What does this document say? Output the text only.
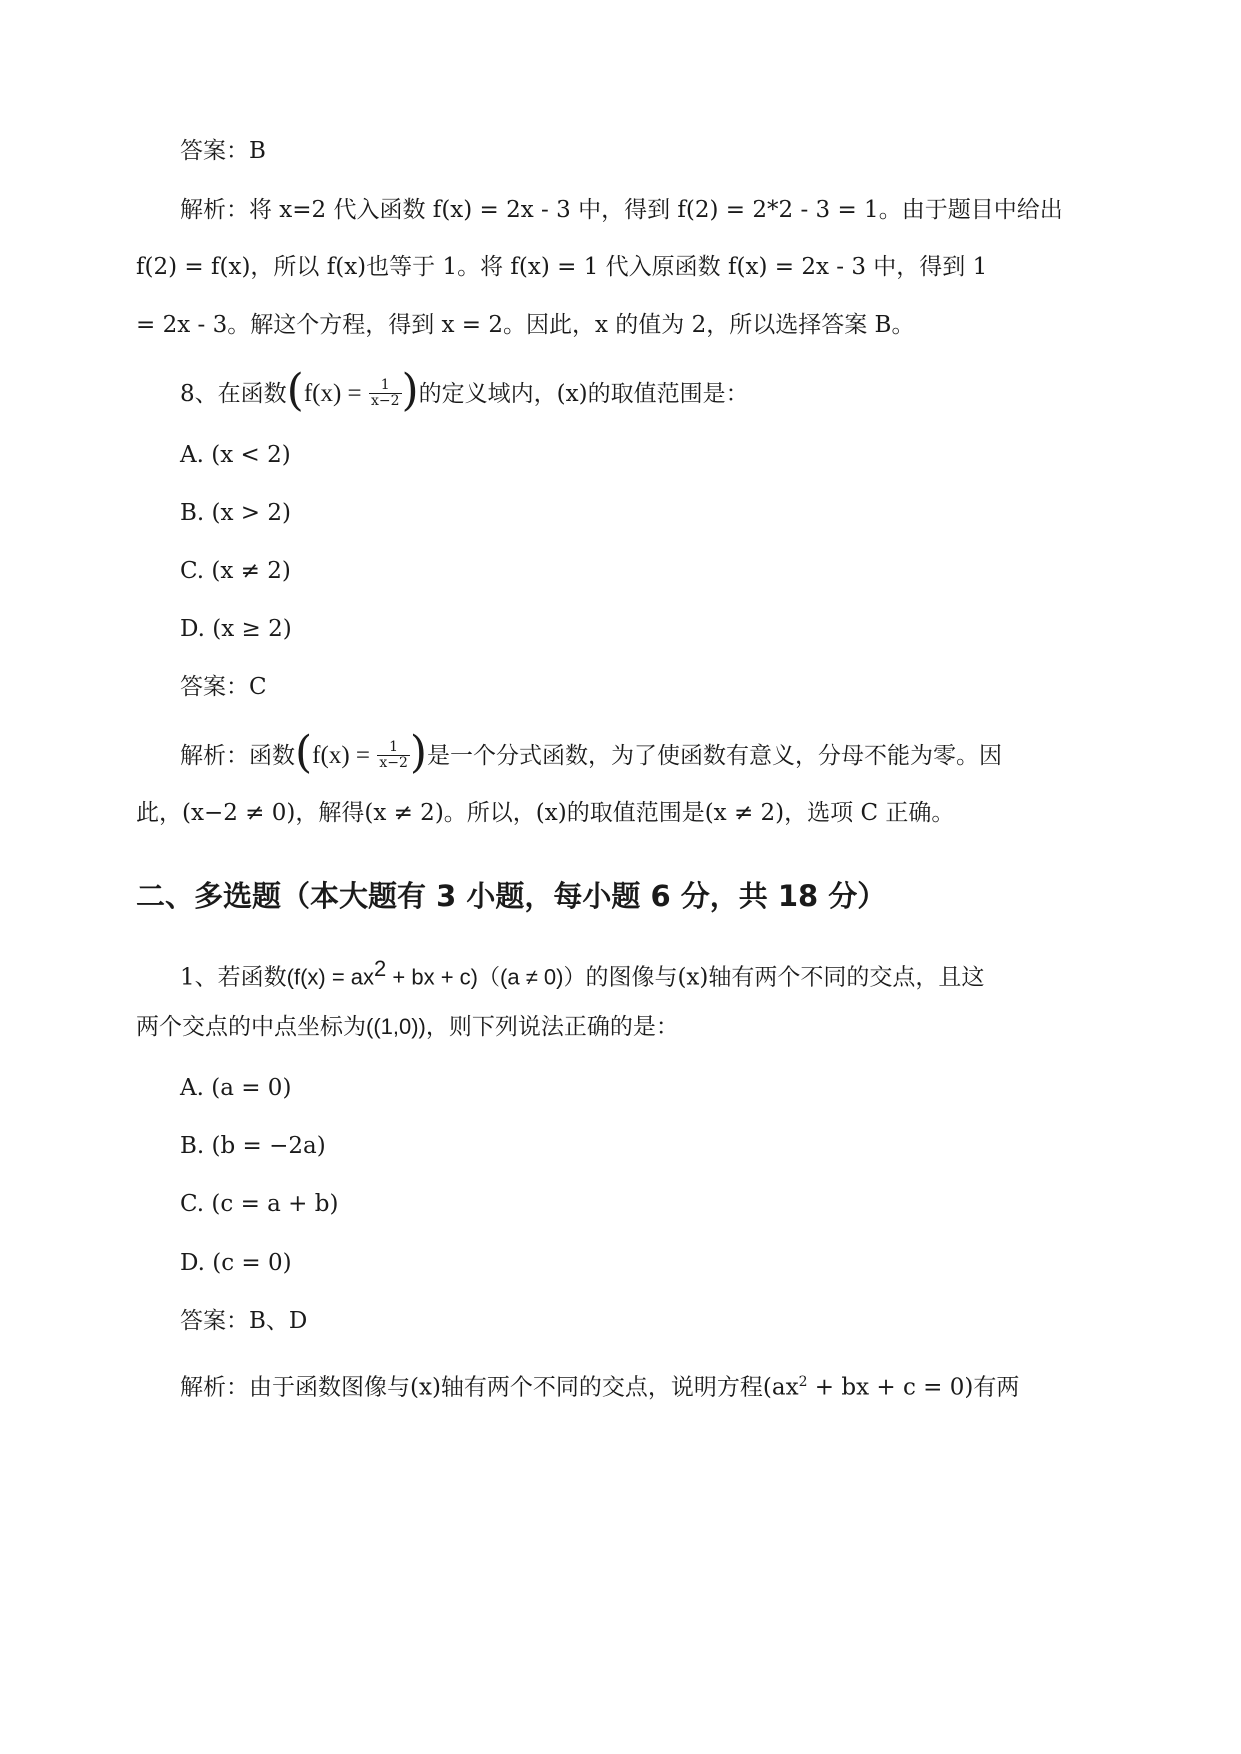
答案：B
解析：将 x=2 代入函数 f(x) = 2x - 3 中，得到 f(2) = 2*2 - 3 = 1。由于题目中给出
f(2) = f(x)，所以 f(x)也等于 1。将 f(x) = 1 代入原函数 f(x) = 2x - 3 中，得到 1
= 2x - 3。解这个方程，得到 x = 2。因此，x 的值为 2，所以选择答案 B。
8、在函数($f(x) = \frac{1}{x-2}$ )的定义域内，(x)的取值范围是：
A. (x < 2)
B. (x > 2)
C. (x ≠ 2)
D. (x ≥ 2)
答案：C
解析：函数($f(x) = \frac{1}{x-2}$ )是一个分式函数，为了使函数有意义，分母不能为零。因
此，(x−2 ≠ 0)，解得(x ≠ 2)。所以，(x)的取值范围是(x ≠ 2)，选项 C 正确。
二、多选题（本大题有 3 小题，每小题 6 分，共 18 分）
1、若函数($f(x) = ax^2$ + bx + c)（(a ≠ 0)）的图像与(x)轴有两个不同的交点，且这
两个交点的中点坐标为((1,0))，则下列说法正确的是：
A. (a = 0)
B. (b = −2a)
C. (c = a + b)
D. (c = 0)
答案：B、D
解析：由于函数图像与(x)轴有两个不同的交点，说明方程($ax^2$ + bx + c = 0)有两
